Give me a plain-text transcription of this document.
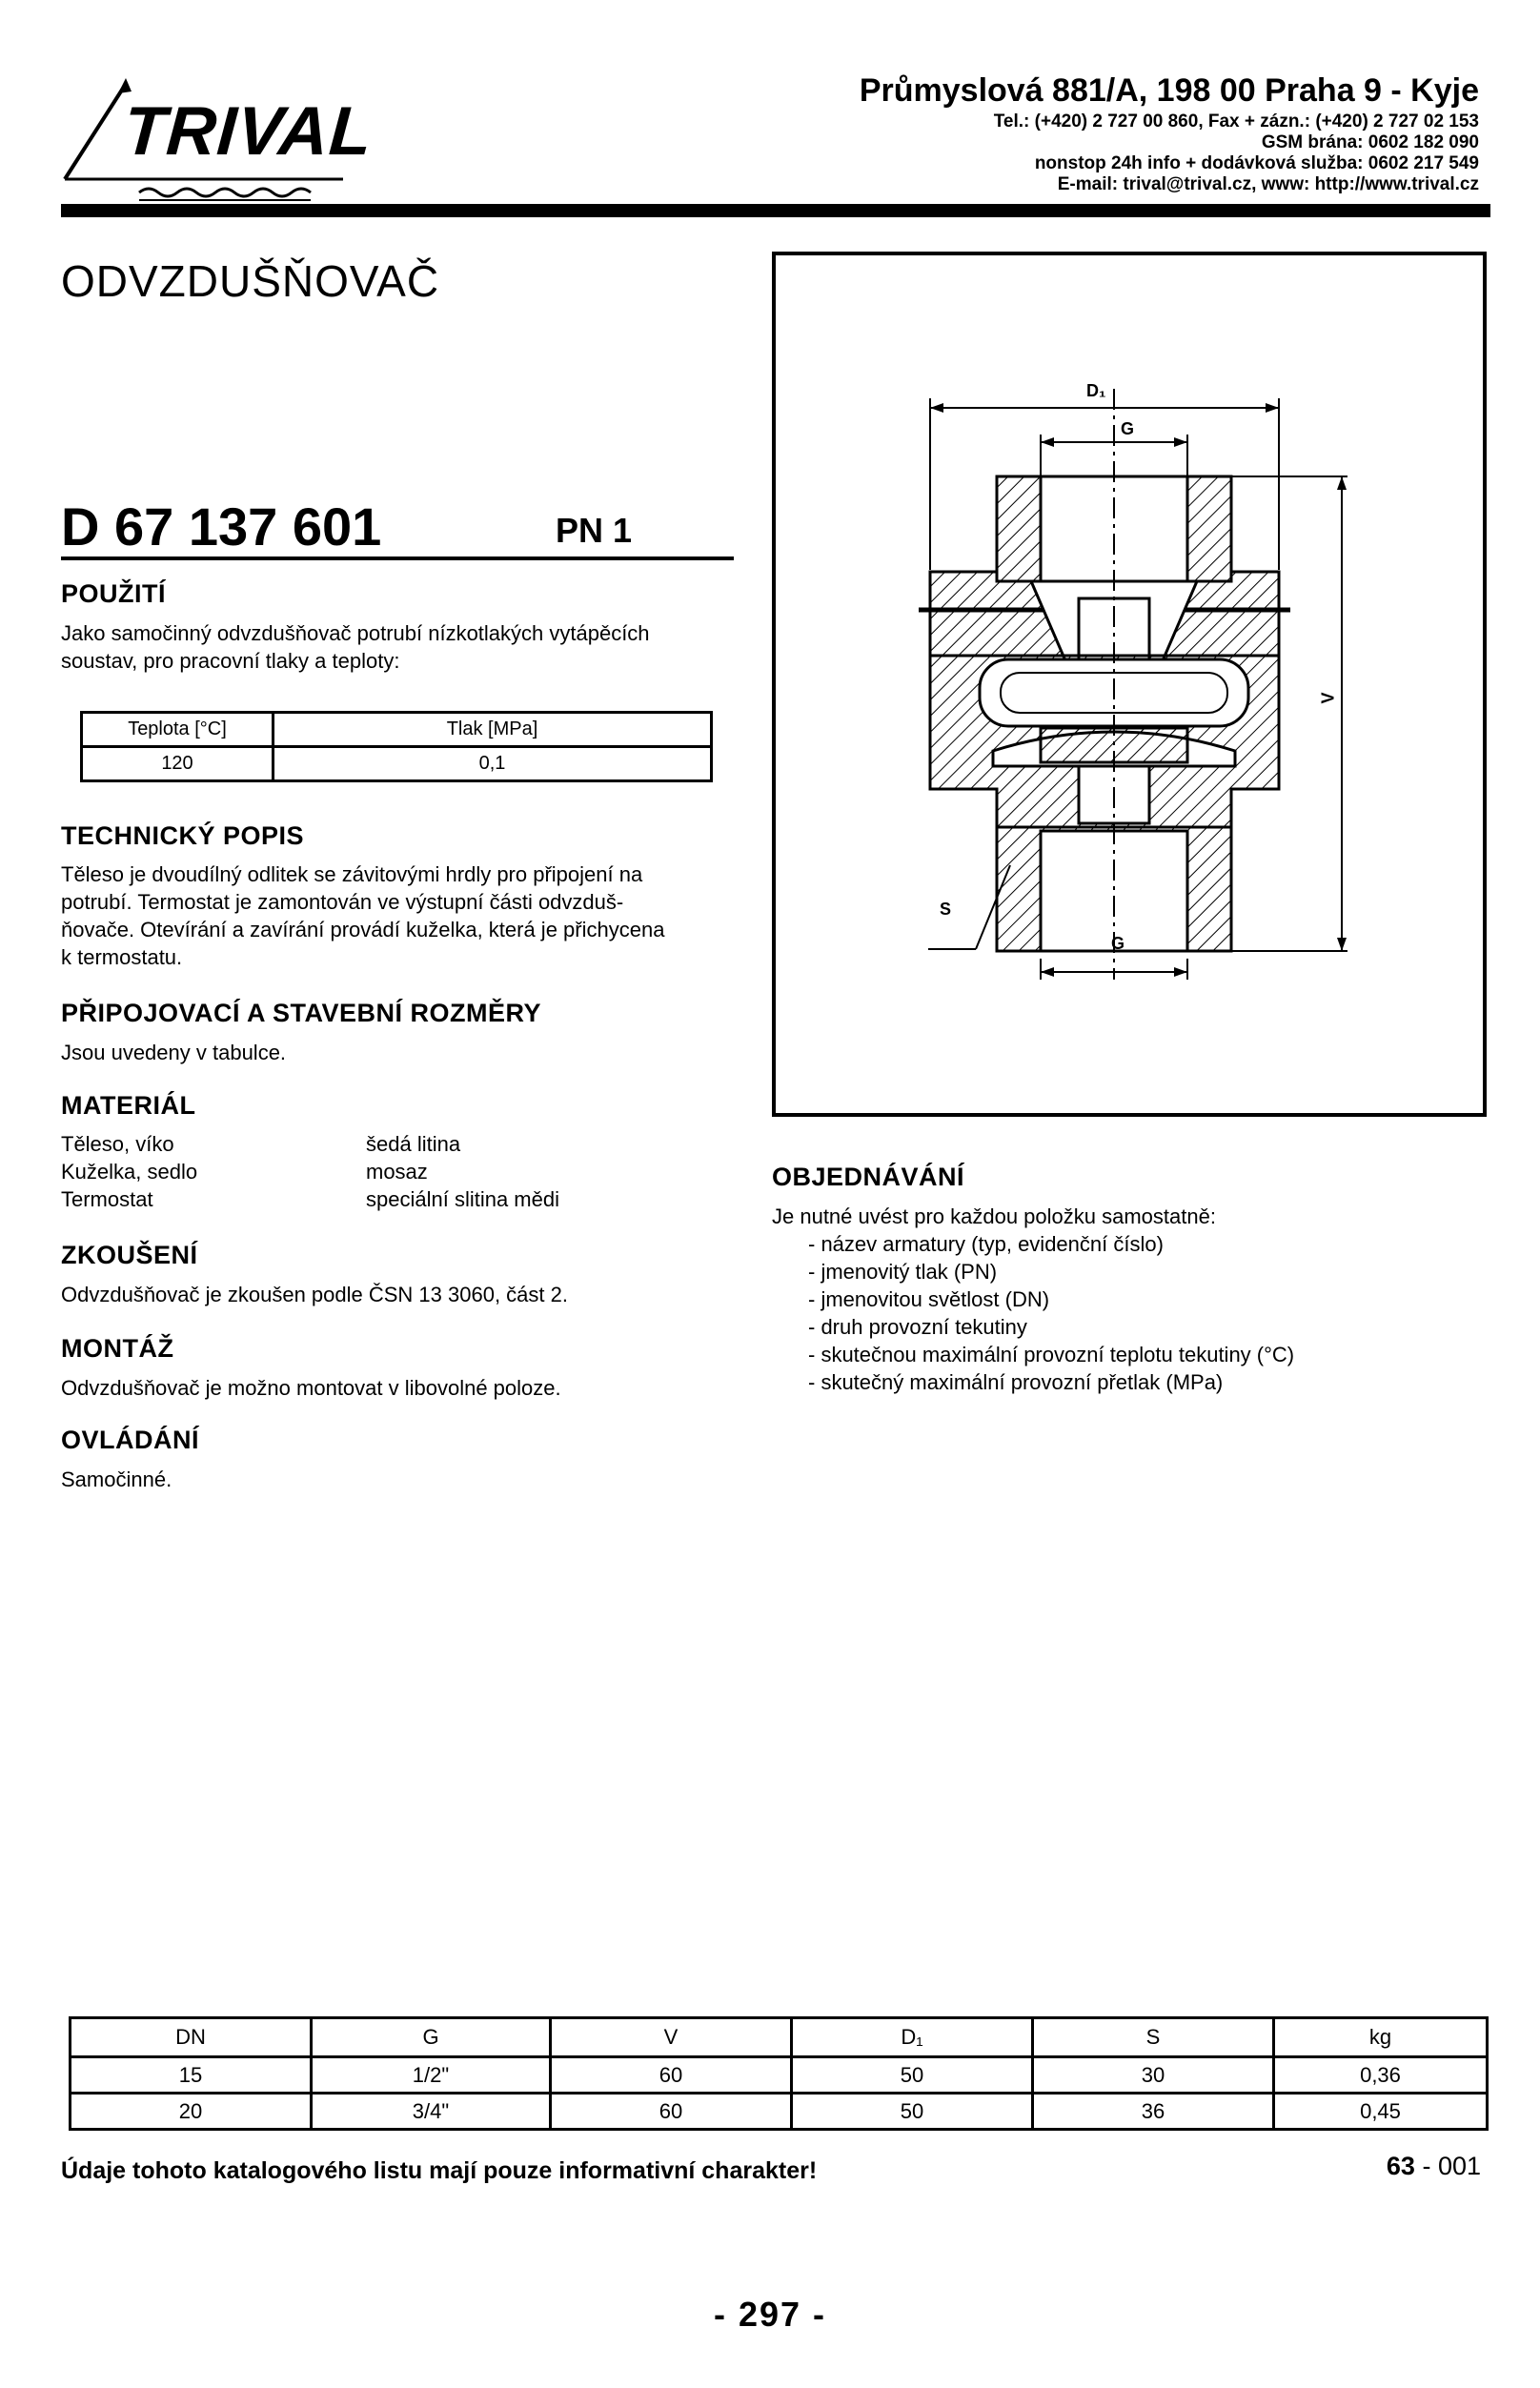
TRIVAL
Průmyslová 881/A, 198 00 Praha 9 - Kyje
Tel.: (+420) 2 727 00 860, Fax + zázn.: (+420) 2 727 02 153
GSM brána: 0602 182 090
nonstop 24h info + dodávková služba: 0602 217 549
E-mail: trival@trival.cz, www: http://www.trival.cz
ODVZDUŠŇOVAČ
D 67 137 601	PN 1
POUŽITÍ
Jako samočinný odvzdušňovač potrubí nízkotlakých vytápěcích
soustav, pro pracovní tlaky a teploty:
Teplota [°C]	Tlak [MPa]
120	0,1
TECHNICKÝ POPIS
Těleso je dvoudílný odlitek se závitovými hrdly pro připojení na
potrubí. Termostat je zamontován ve výstupní části odvzduš-
ňovače. Otevírání a zavírání provádí kuželka, která je přichycena
k termostatu.
PŘIPOJOVACÍ A STAVEBNÍ ROZMĚRY
Jsou uvedeny v tabulce.
MATERIÁL
Těleso, víko	šedá litina
Kuželka, sedlo	mosaz
Termostat	speciální slitina mědi
ZKOUŠENÍ
Odvzdušňovač je zkoušen podle ČSN 13 3060, část 2.
MONTÁŽ
Odvzdušňovač je možno montovat v libovolné poloze.
OVLÁDÁNÍ
Samočinné.
D₁
G
G
V
S
OBJEDNÁVÁNÍ
Je nutné uvést pro každou položku samostatně:
- název armatury (typ, evidenční číslo)
- jmenovitý tlak (PN)
- jmenovitou světlost (DN)
- druh provozní tekutiny
- skutečnou maximální provozní teplotu tekutiny (°C)
- skutečný maximální provozní přetlak (MPa)
DN	G	V	D₁	S	kg
15	1/2"	60	50	30	0,36
20	3/4"	60	50	36	0,45
Údaje tohoto katalogového listu mají pouze informativní charakter!	63 - 001
- 297 -
